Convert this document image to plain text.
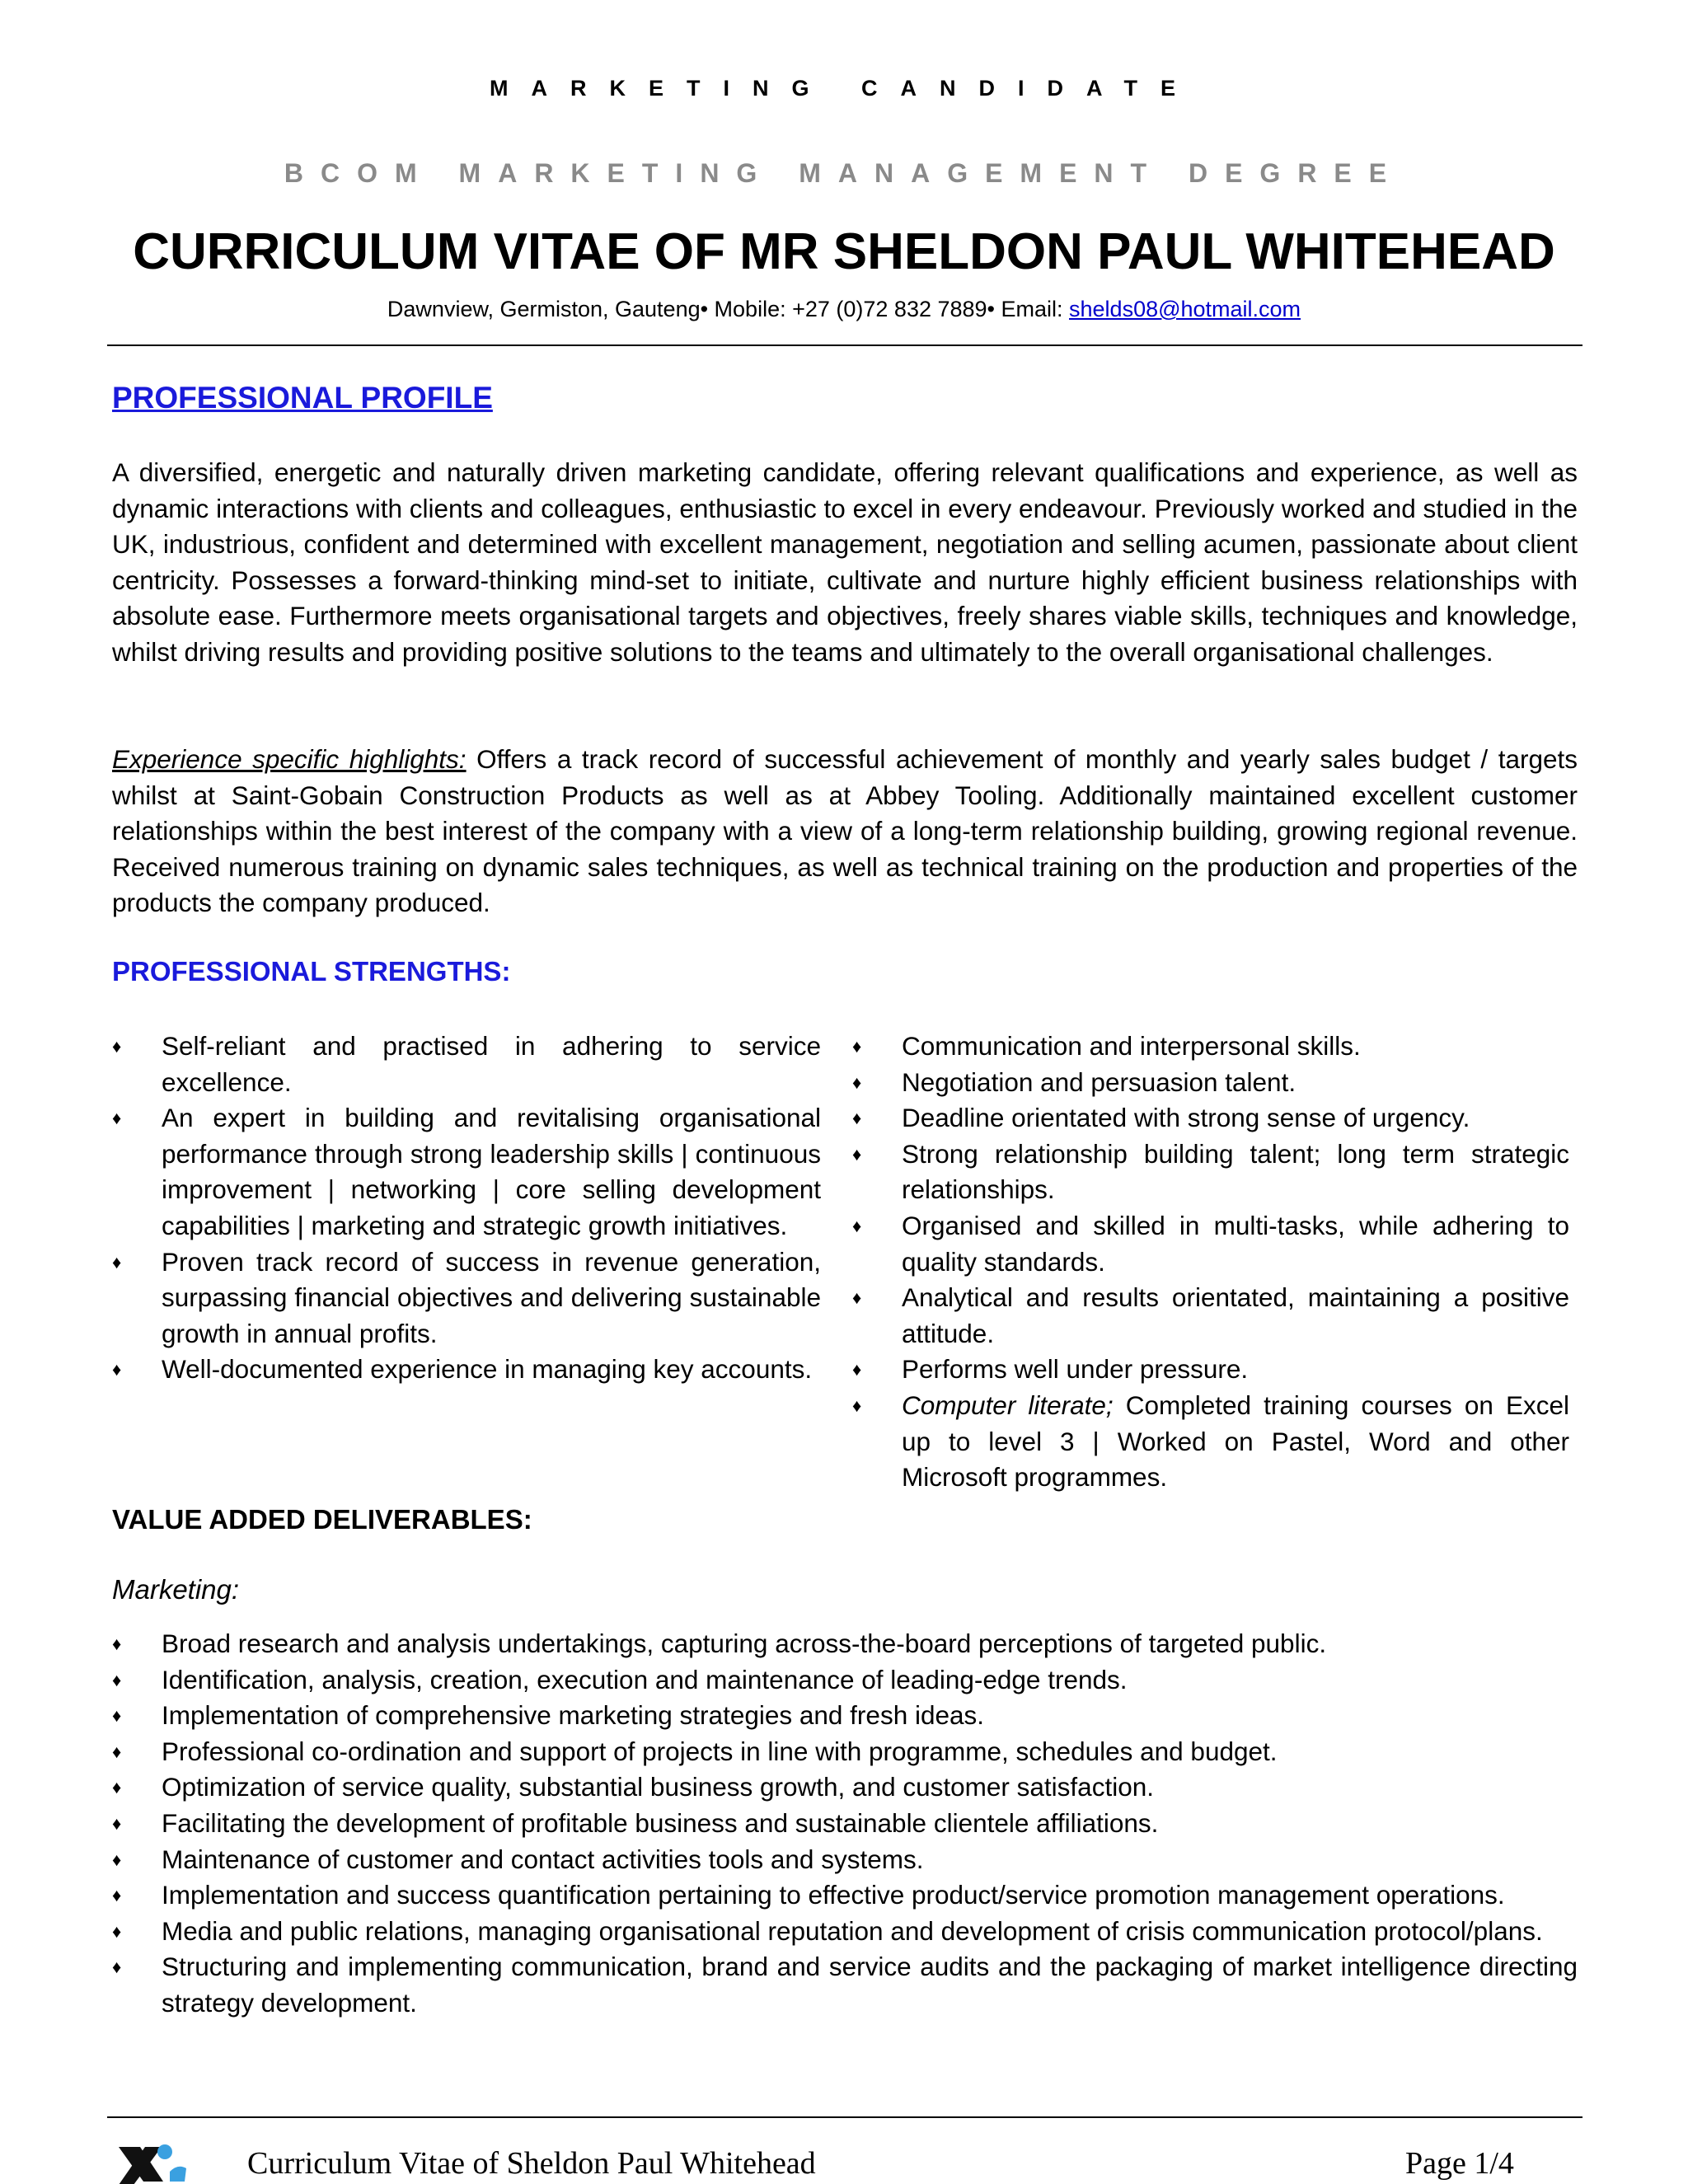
MARKETING CANDIDATE
BCOM MARKETING MANAGEMENT DEGREE
CURRICULUM VITAE OF MR SHELDON PAUL WHITEHEAD
Dawnview, Germiston, Gauteng• Mobile: +27 (0)72 832 7889• Email: shelds08@hotmail.com
PROFESSIONAL PROFILE
A diversified, energetic and naturally driven marketing candidate, offering relevant qualifications and experience, as well as dynamic interactions with clients and colleagues, enthusiastic to excel in every endeavour. Previously worked and studied in the UK, industrious, confident and determined with excellent management, negotiation and selling acumen, passionate about client centricity. Possesses a forward-thinking mind-set to initiate, cultivate and nurture highly efficient business relationships with absolute ease. Furthermore meets organisational targets and objectives, freely shares viable skills, techniques and knowledge, whilst driving results and providing positive solutions to the teams and ultimately to the overall organisational challenges.
Experience specific highlights: Offers a track record of successful achievement of monthly and yearly sales budget / targets whilst at Saint-Gobain Construction Products as well as at Abbey Tooling. Additionally maintained excellent customer relationships within the best interest of the company with a view of a long-term relationship building, growing regional revenue. Received numerous training on dynamic sales techniques, as well as technical training on the production and properties of the products the company produced.
PROFESSIONAL STRENGTHS:
♦ Self-reliant and practised in adhering to service excellence.
♦ An expert in building and revitalising organisational performance through strong leadership skills | continuous improvement | networking | core selling development capabilities | marketing and strategic growth initiatives.
♦ Proven track record of success in revenue generation, surpassing financial objectives and delivering sustainable growth in annual profits.
♦ Well-documented experience in managing key accounts.
♦ Communication and interpersonal skills.
♦ Negotiation and persuasion talent.
♦ Deadline orientated with strong sense of urgency.
♦ Strong relationship building talent; long term strategic relationships.
♦ Organised and skilled in multi-tasks, while adhering to quality standards.
♦ Analytical and results orientated, maintaining a positive attitude.
♦ Performs well under pressure.
♦ Computer literate; Completed training courses on Excel up to level 3 | Worked on Pastel, Word and other Microsoft programmes.
VALUE ADDED DELIVERABLES:
Marketing:
♦ Broad research and analysis undertakings, capturing across-the-board perceptions of targeted public.
♦ Identification, analysis, creation, execution and maintenance of leading-edge trends.
♦ Implementation of comprehensive marketing strategies and fresh ideas.
♦ Professional co-ordination and support of projects in line with programme, schedules and budget.
♦ Optimization of service quality, substantial business growth, and customer satisfaction.
♦ Facilitating the development of profitable business and sustainable clientele affiliations.
♦ Maintenance of customer and contact activities tools and systems.
♦ Implementation and success quantification pertaining to effective product/service promotion management operations.
♦ Media and public relations, managing organisational reputation and development of crisis communication protocol/plans.
♦ Structuring and implementing communication, brand and service audits and the packaging of market intelligence directing strategy development.
Curriculum Vitae of Sheldon Paul Whitehead	Page 1/4
